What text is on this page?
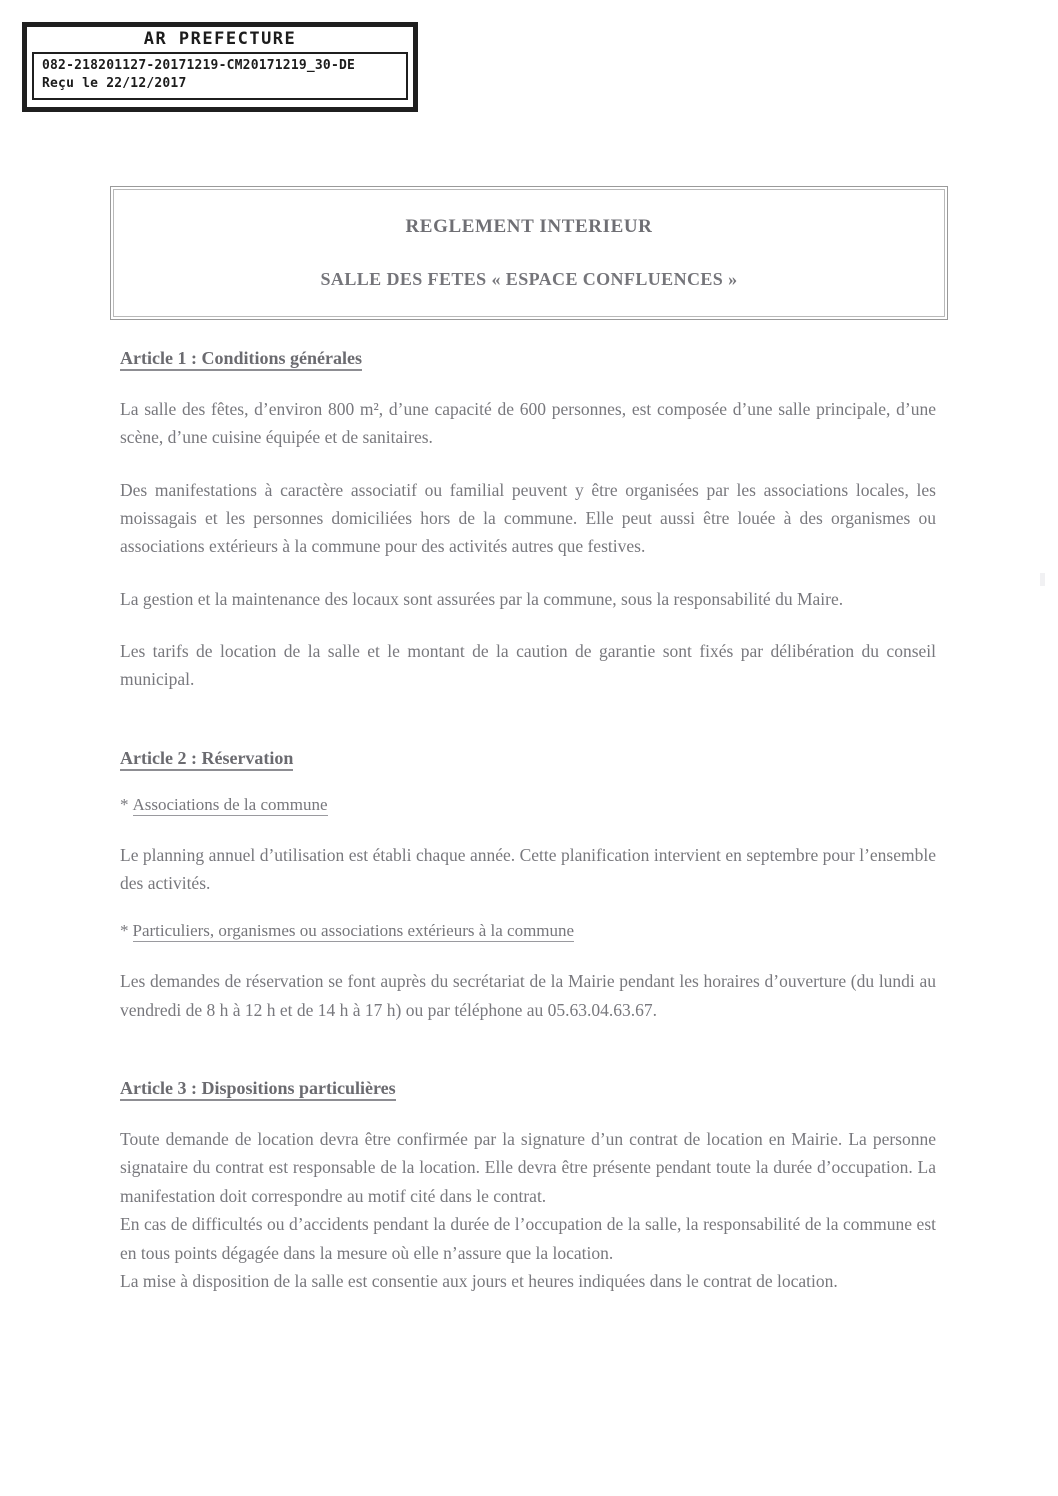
AR PREFECTURE
082-218201127-20171219-CM20171219_30-DE
Reçu le 22/12/2017
REGLEMENT INTERIEUR
SALLE DES FETES « ESPACE CONFLUENCES »
Article 1 : Conditions générales

La salle des fêtes, d’environ 800 m², d’une capacité de 600 personnes, est composée d’une salle principale, d’une scène, d’une cuisine équipée et de sanitaires.

Des manifestations à caractère associatif ou familial peuvent y être organisées par les associations locales, les moissagais et les personnes domiciliées hors de la commune. Elle peut aussi être louée à des organismes ou associations extérieurs à la commune pour des activités autres que festives.

La gestion et la maintenance des locaux sont assurées par la commune, sous la responsabilité du Maire.

Les tarifs de location de la salle et le montant de la caution de garantie sont fixés par délibération du conseil municipal.

Article 2 : Réservation
* Associations de la commune

Le planning annuel d’utilisation est établi chaque année. Cette planification intervient en septembre pour l’ensemble des activités.

* Particuliers, organismes ou associations extérieurs à la commune

Les demandes de réservation se font auprès du secrétariat de la Mairie pendant les horaires d’ouverture (du lundi au vendredi de 8 h à 12 h et de 14 h à 17 h) ou par téléphone au 05.63.04.63.67.

Article 3 : Dispositions particulières

Toute demande de location devra être confirmée par la signature d’un contrat de location en Mairie. La personne signataire du contrat est responsable de la location. Elle devra être présente pendant toute la durée d’occupation. La manifestation doit correspondre au motif cité dans le contrat.

En cas de difficultés ou d’accidents pendant la durée de l’occupation de la salle, la responsabilité de la commune est en tous points dégagée dans la mesure où elle n’assure que la location.

La mise à disposition de la salle est consentie aux jours et heures indiquées dans le contrat de location.
